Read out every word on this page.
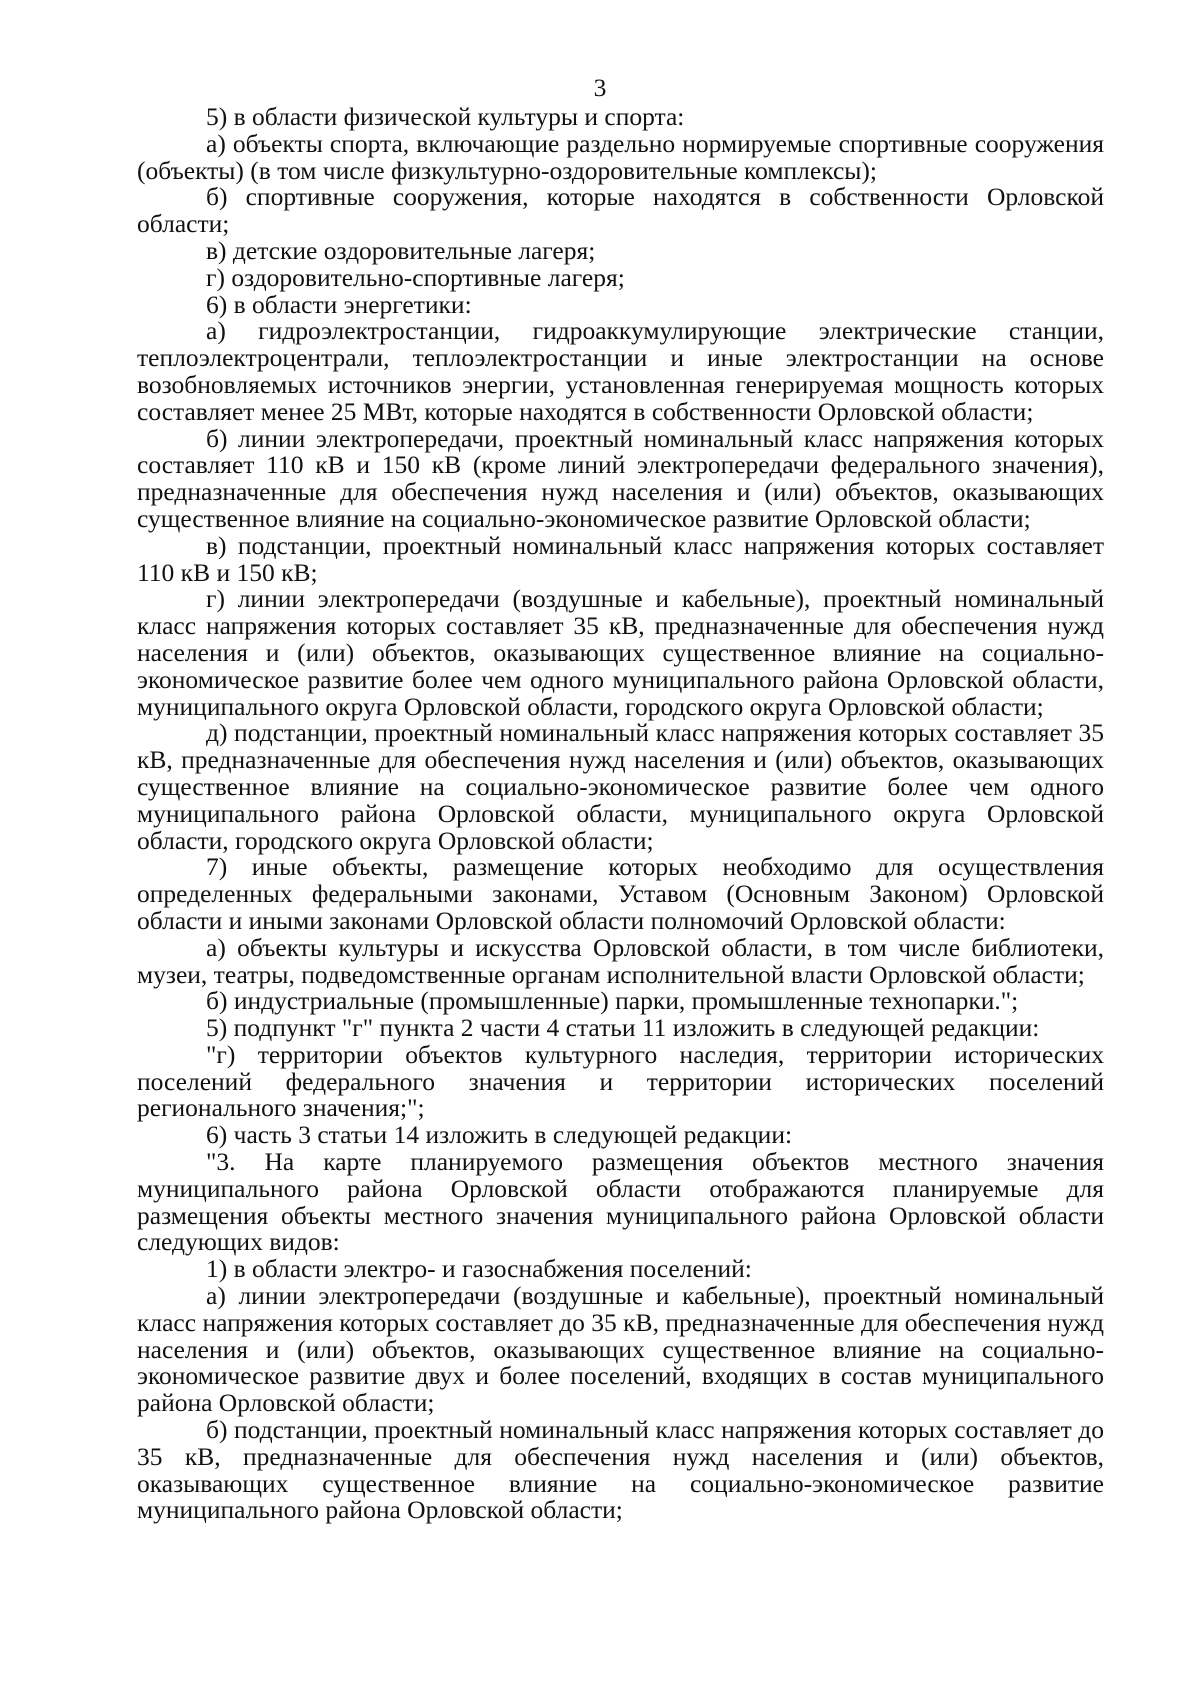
3

5) в области физической культуры и спорта:

а) объекты спорта, включающие раздельно нормируемые спортивные сооружения (объекты) (в том числе физкультурно-оздоровительные комплексы);

б) спортивные сооружения, которые находятся в собственности Орловской области;

в) детские оздоровительные лагеря;

г) оздоровительно-спортивные лагеря;

6) в области энергетики:

а) гидроэлектростанции, гидроаккумулирующие электрические станции, теплоэлектроцентрали, теплоэлектростанции и иные электростанции на основе возобновляемых источников энергии, установленная генерируемая мощность которых составляет менее 25 МВт, которые находятся в собственности Орловской области;

б) линии электропередачи, проектный номинальный класс напряжения которых составляет 110 кВ и 150 кВ (кроме линий электропередачи федерального значения), предназначенные для обеспечения нужд населения и (или) объектов, оказывающих существенное влияние на социально-экономическое развитие Орловской области;

в) подстанции, проектный номинальный класс напряжения которых составляет 110 кВ и 150 кВ;

г) линии электропередачи (воздушные и кабельные), проектный номинальный класс напряжения которых составляет 35 кВ, предназначенные для обеспечения нужд населения и (или) объектов, оказывающих существенное влияние на социально-экономическое развитие более чем одного муниципального района Орловской области, муниципального округа Орловской области, городского округа Орловской области;

д) подстанции, проектный номинальный класс напряжения которых составляет 35 кВ, предназначенные для обеспечения нужд населения и (или) объектов, оказывающих существенное влияние на социально-экономическое развитие более чем одного муниципального района Орловской области, муниципального округа Орловской области, городского округа Орловской области;

7) иные объекты, размещение которых необходимо для осуществления определенных федеральными законами, Уставом (Основным Законом) Орловской области и иными законами Орловской области полномочий Орловской области:

а) объекты культуры и искусства Орловской области, в том числе библиотеки, музеи, театры, подведомственные органам исполнительной власти Орловской области;

б) индустриальные (промышленные) парки, промышленные технопарки.";

5) подпункт "г" пункта 2 части 4 статьи 11 изложить в следующей редакции:

"г) территории объектов культурного наследия, территории исторических поселений федерального значения и территории исторических поселений регионального значения;";

6) часть 3 статьи 14 изложить в следующей редакции:

"3. На карте планируемого размещения объектов местного значения муниципального района Орловской области отображаются планируемые для размещения объекты местного значения муниципального района Орловской области следующих видов:

1) в области электро- и газоснабжения поселений:

а) линии электропередачи (воздушные и кабельные), проектный номинальный класс напряжения которых составляет до 35 кВ, предназначенные для обеспечения нужд населения и (или) объектов, оказывающих существенное влияние на социально-экономическое развитие двух и более поселений, входящих в состав муниципального района Орловской области;

б) подстанции, проектный номинальный класс напряжения которых составляет до 35 кВ, предназначенные для обеспечения нужд населения и (или) объектов, оказывающих существенное влияние на социально-экономическое развитие муниципального района Орловской области;
